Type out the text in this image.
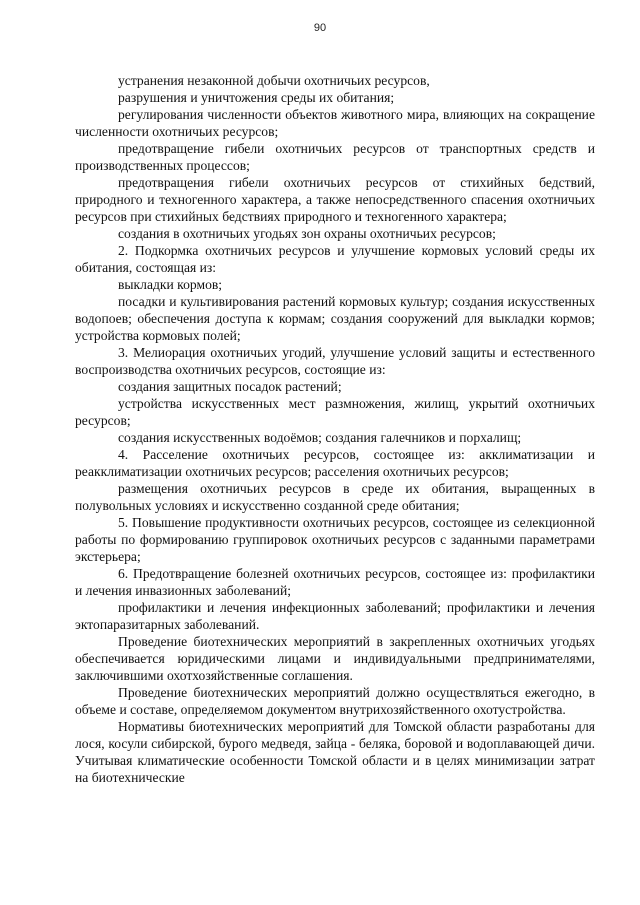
90

устранения незаконной добычи охотничьих ресурсов,

разрушения и уничтожения среды их обитания;

регулирования численности объектов животного мира, влияющих на сокращение численности охотничьих ресурсов;

предотвращение гибели охотничьих ресурсов от транспортных средств и производственных процессов;

предотвращения гибели охотничьих ресурсов от стихийных бедствий, природного и техногенного характера, а также непосредственного спасения охотничьих ресурсов при стихийных бедствиях природного и техногенного характера;

создания в охотничьих угодьях зон охраны охотничьих ресурсов;

2. Подкормка охотничьих ресурсов и улучшение кормовых условий среды их обитания, состоящая из:

выкладки кормов;

посадки и культивирования растений кормовых культур; создания искусственных водопоев; обеспечения доступа к кормам; создания сооружений для выкладки кормов; устройства кормовых полей;

3. Мелиорация охотничьих угодий, улучшение условий защиты и естественного воспроизводства охотничьих ресурсов, состоящие из:

создания защитных посадок растений;

устройства искусственных мест размножения, жилищ, укрытий охотничьих ресурсов;

создания искусственных водоёмов; создания галечников и порхалищ;

4. Расселение охотничьих ресурсов, состоящее из: акклиматизации и реакклиматизации охотничьих ресурсов; расселения охотничьих ресурсов;

размещения охотничьих ресурсов в среде их обитания, выращенных в полувольных условиях и искусственно созданной среде обитания;

5. Повышение продуктивности охотничьих ресурсов, состоящее из селекционной работы по формированию группировок охотничьих ресурсов с заданными параметрами экстерьера;

6. Предотвращение болезней охотничьих ресурсов, состоящее из: профилактики и лечения инвазионных заболеваний;

профилактики и лечения инфекционных заболеваний; профилактики и лечения эктопаразитарных заболеваний.

Проведение биотехнических мероприятий в закрепленных охотничьих угодьях обеспечивается юридическими лицами и индивидуальными предпринимателями, заключившими охотхозяйственные соглашения.

Проведение биотехнических мероприятий должно осуществляться ежегодно, в объеме и составе, определяемом документом внутрихозяйственного охотустройства.

Нормативы биотехнических мероприятий для Томской области разработаны для лося, косули сибирской, бурого медведя, зайца - беляка, боровой и водоплавающей дичи. Учитывая климатические особенности Томской области и в целях минимизации затрат на биотехнические
